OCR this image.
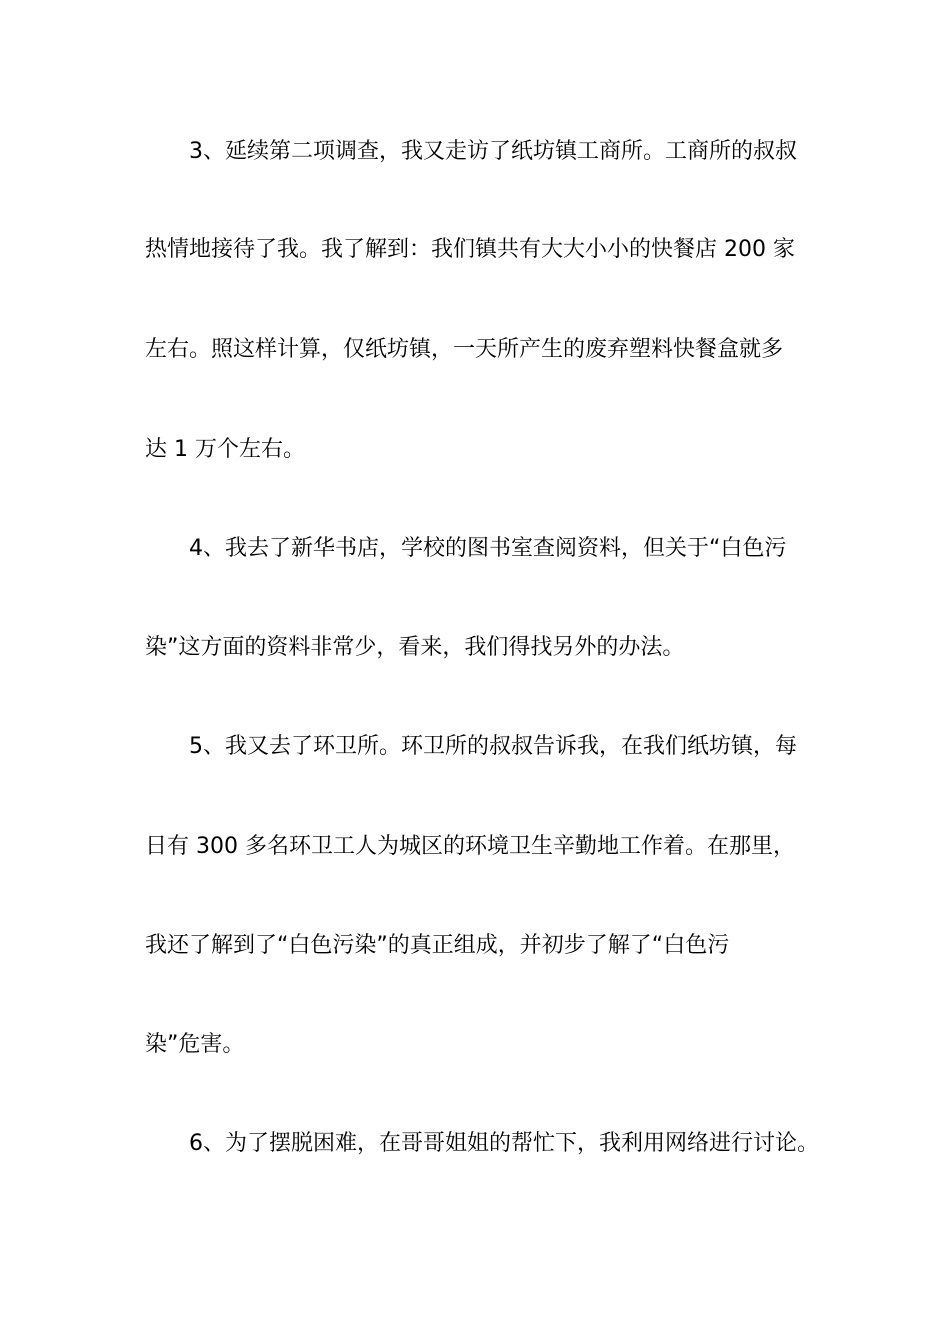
3、延续第二项调查，我又走访了纸坊镇工商所。工商所的叔叔
热情地接待了我。我了解到：我们镇共有大大小小的快餐店 200 家
左右。照这样计算，仅纸坊镇，一天所产生的废弃塑料快餐盒就多
达 1 万个左右。
4、我去了新华书店，学校的图书室查阅资料，但关于“白色污
染”这方面的资料非常少，看来，我们得找另外的办法。
5、我又去了环卫所。环卫所的叔叔告诉我，在我们纸坊镇，每
日有 300 多名环卫工人为城区的环境卫生辛勤地工作着。在那里，
我还了解到了“白色污染”的真正组成，并初步了解了“白色污
染”危害。
6、为了摆脱困难，在哥哥姐姐的帮忙下，我利用网络进行讨论。
